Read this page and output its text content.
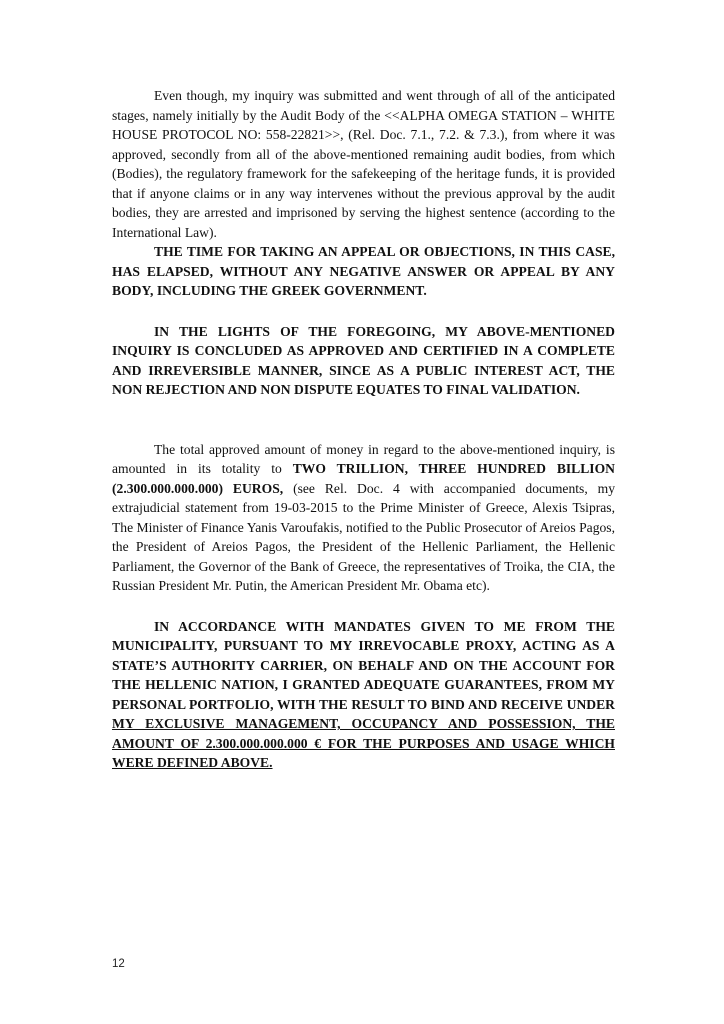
Even though, my inquiry was submitted and went through of all of the anticipated stages, namely initially by the Audit Body of the <<ALPHA OMEGA STATION – WHITE HOUSE PROTOCOL NO: 558-22821>>, (Rel. Doc. 7.1., 7.2. & 7.3.), from where it was approved, secondly from all of the above-mentioned remaining audit bodies, from which (Bodies), the regulatory framework for the safekeeping of the heritage funds, it is provided that if anyone claims or in any way intervenes without the previous approval by the audit bodies, they are arrested and imprisoned by serving the highest sentence (according to the International Law).

THE TIME FOR TAKING AN APPEAL OR OBJECTIONS, IN THIS CASE, HAS ELAPSED, WITHOUT ANY NEGATIVE ANSWER OR APPEAL BY ANY BODY, INCLUDING THE GREEK GOVERNMENT.

IN THE LIGHTS OF THE FOREGOING, MY ABOVE-MENTIONED INQUIRY IS CONCLUDED AS APPROVED AND CERTIFIED IN A COMPLETE AND IRREVERSIBLE MANNER, SINCE AS A PUBLIC INTEREST ACT, THE NON REJECTION AND NON DISPUTE EQUATES TO FINAL VALIDATION.

The total approved amount of money in regard to the above-mentioned inquiry, is amounted in its totality to TWO TRILLION, THREE HUNDRED BILLION (2.300.000.000.000) EUROS, (see Rel. Doc. 4 with accompanied documents, my extrajudicial statement from 19-03-2015 to the Prime Minister of Greece, Alexis Tsipras, The Minister of Finance Yanis Varoufakis, notified to the Public Prosecutor of Areios Pagos, the President of Areios Pagos, the President of the Hellenic Parliament, the Hellenic Parliament, the Governor of the Bank of Greece, the representatives of Troika, the CIA, the Russian President Mr. Putin, the American President Mr. Obama etc).

IN ACCORDANCE WITH MANDATES GIVEN TO ME FROM THE MUNICIPALITY, PURSUANT TO MY IRREVOCABLE PROXY, ACTING AS A STATE’S AUTHORITY CARRIER, ON BEHALF AND ON THE ACCOUNT FOR THE HELLENIC NATION, I GRANTED ADEQUATE GUARANTEES, FROM MY PERSONAL PORTFOLIO, WITH THE RESULT TO BIND AND RECEIVE UNDER MY EXCLUSIVE MANAGEMENT, OCCUPANCY AND POSSESSION, THE AMOUNT OF 2.300.000.000.000 € FOR THE PURPOSES AND USAGE WHICH WERE DEFINED ABOVE.

12
